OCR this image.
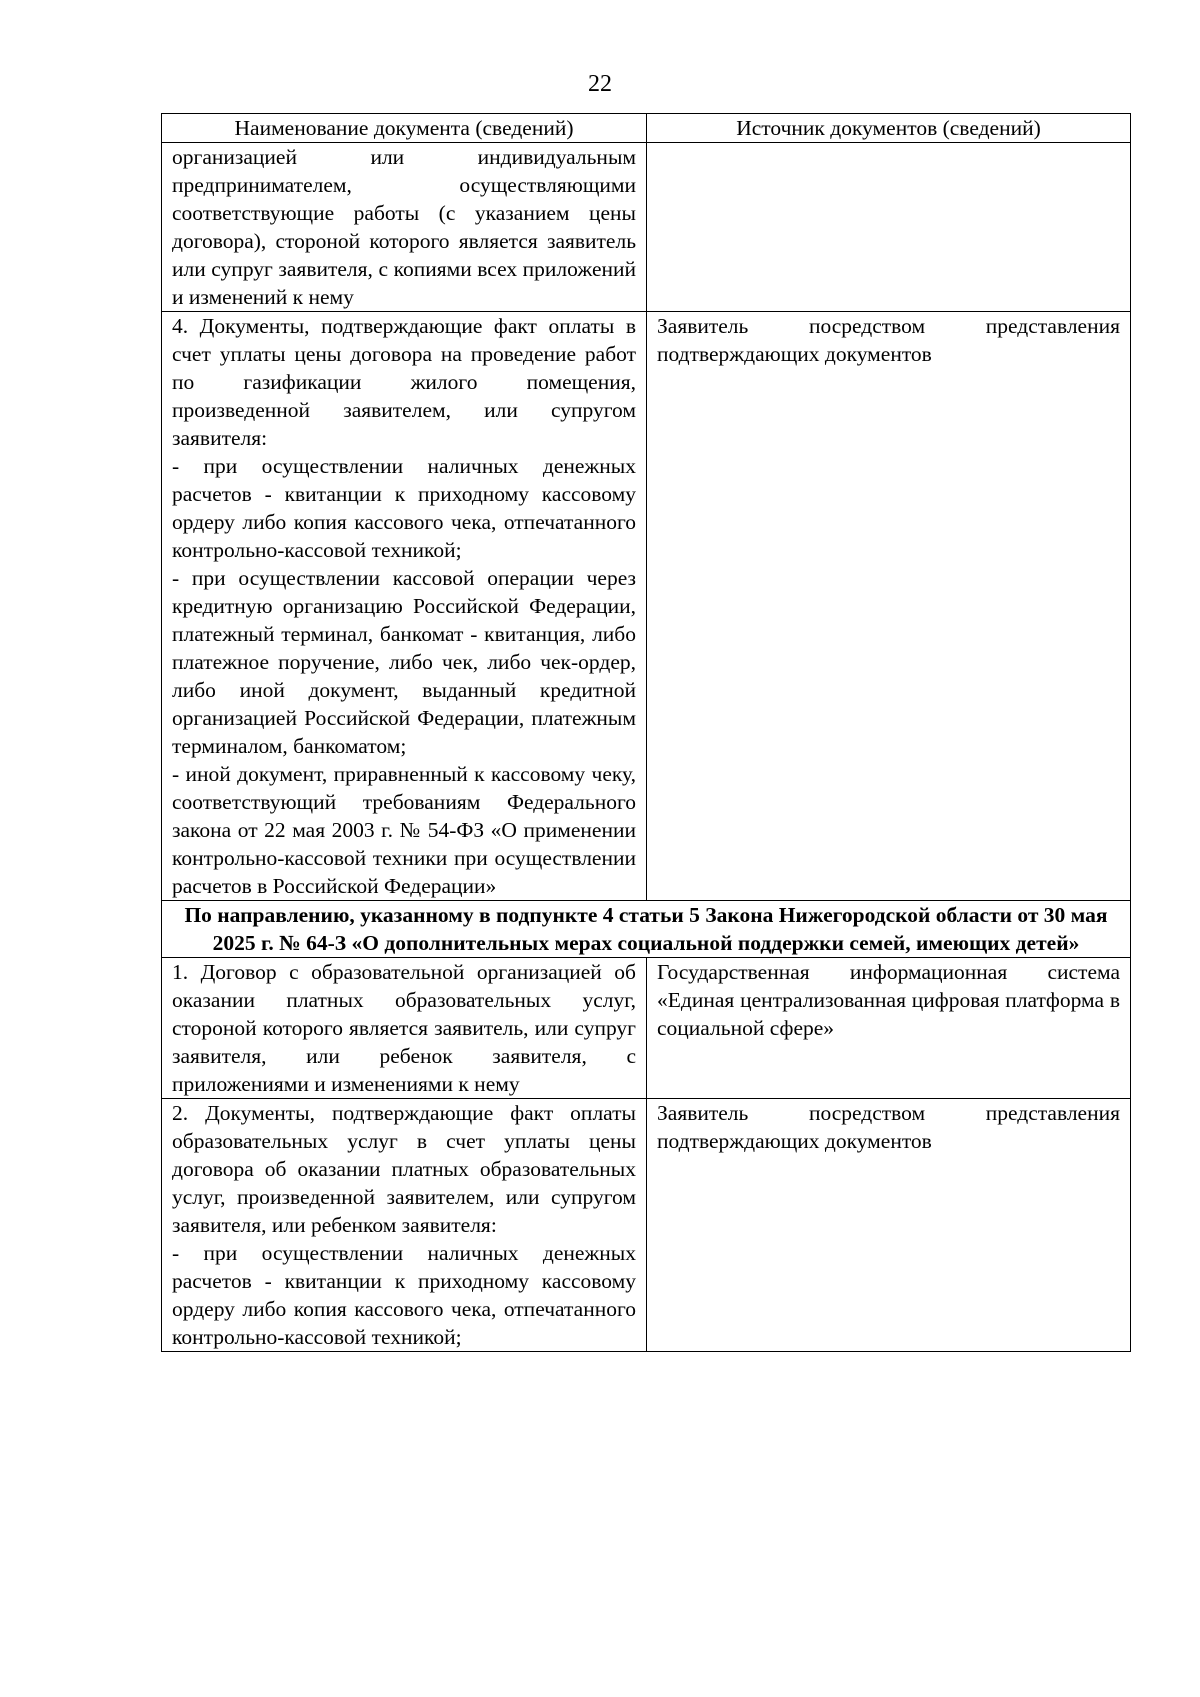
22
Наименование документа (сведений)	Источник документов (сведений)
организацией или индивидуальным предпринимателем, осуществляющими соответствующие работы (с указанием цены договора), стороной которого является заявитель или супруг заявителя, с копиями всех приложений и изменений к нему	

4. Документы, подтверждающие факт оплаты в счет уплаты цены договора на проведение работ по газификации жилого помещения, произведенной заявителем, или супругом заявителя:
- при осуществлении наличных денежных расчетов - квитанции к приходному кассовому ордеру либо копия кассового чека, отпечатанного контрольно-кассовой техникой;
- при осуществлении кассовой операции через кредитную организацию Российской Федерации, платежный терминал, банкомат - квитанция, либо платежное поручение, либо чек, либо чек-ордер, либо иной документ, выданный кредитной организацией Российской Федерации, платежным терминалом, банкоматом;
- иной документ, приравненный к кассовому чеку, соответствующий требованиям Федерального закона от 22 мая 2003 г. № 54-ФЗ «О применении контрольно-кассовой техники при осуществлении расчетов в Российской Федерации»	Заявитель посредством представления подтверждающих документов
По направлению, указанному в подпункте 4 статьи 5 Закона Нижегородской области от 30 мая 2025 г. № 64-З «О дополнительных мерах социальной поддержки семей, имеющих детей»	
1. Договор с образовательной организацией об оказании платных образовательных услуг, стороной которого является заявитель, или супруг заявителя, или ребенок заявителя, с приложениями и изменениями к нему	Государственная информационная система «Единая централизованная цифровая платформа в социальной сфере»

2. Документы, подтверждающие факт оплаты образовательных услуг в счет уплаты цены договора об оказании платных образовательных услуг, произведенной заявителем, или супругом заявителя, или ребенком заявителя:
- при осуществлении наличных денежных расчетов - квитанции к приходному кассовому ордеру либо копия кассового чека, отпечатанного контрольно-кассовой техникой;	Заявитель посредством представления подтверждающих документов
